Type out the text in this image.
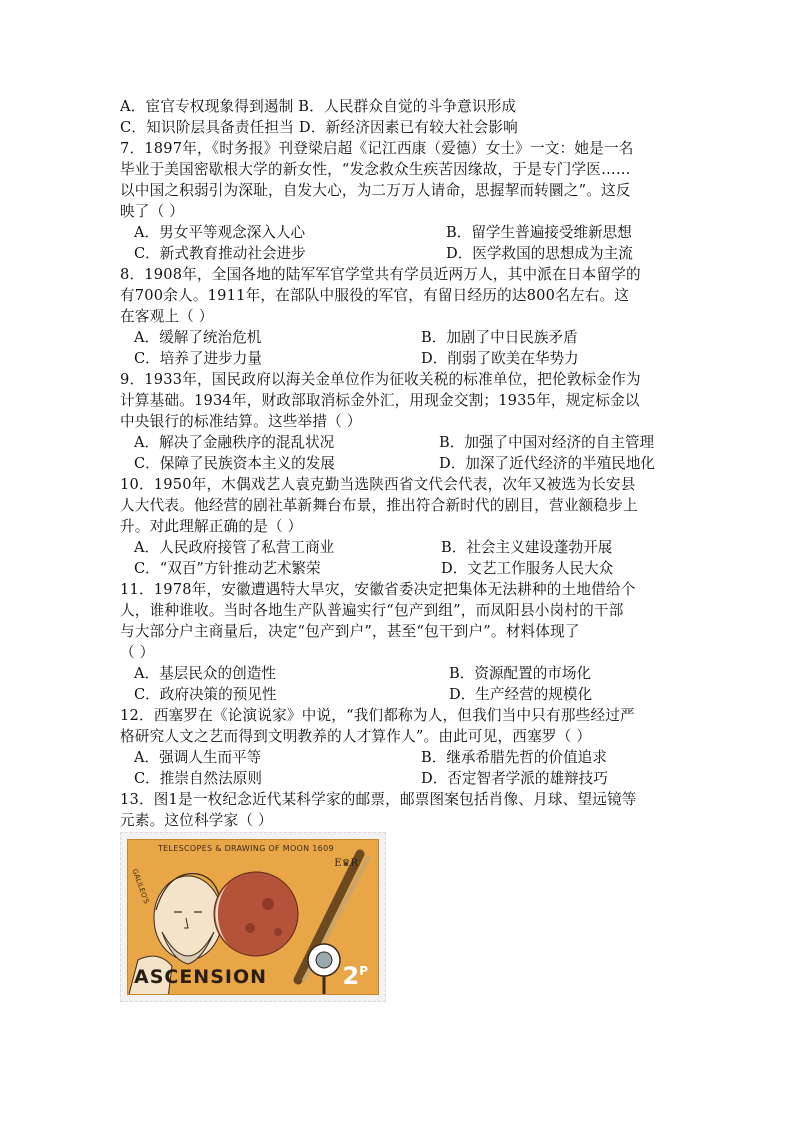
A．宦官专权现象得到遏制 B．人民群众自觉的斗争意识形成
C．知识阶层具备责任担当 D．新经济因素已有较大社会影响
7．1897年，《时务报》刊登梁启超《记江西康（爱德）女士》一文：她是一名
毕业于美国密歇根大学的新女性，“发念救众生疾苦因缘故，于是专门学医……
以中国之积弱引为深耻，自发大心，为二万万人请命，思握挈而转圜之”。这反
映了（ ）
8．1908年，全国各地的陆军军官学堂共有学员近两万人，其中派在日本留学的
有700余人。1911年，在部队中服役的军官，有留日经历的达800名左右。这
在客观上（ ）
9．1933年，国民政府以海关金单位作为征收关税的标准单位，把伦敦标金作为
计算基础。1934年，财政部取消标金外汇，用现金交割；1935年，规定标金以
中央银行的标准结算。这些举措（ ）
10．1950年，木偶戏艺人袁克勤当选陕西省文代会代表，次年又被选为长安县
人大代表。他经营的剧社革新舞台布景，推出符合新时代的剧目，营业额稳步上
升。对此理解正确的是（ ）
11．1978年，安徽遭遇特大旱灾，安徽省委决定把集体无法耕种的土地借给个
人，谁种谁收。当时各地生产队普遍实行“包产到组”，而凤阳县小岗村的干部
与大部分户主商量后，决定“包产到户”，甚至“包干到户”。材料体现了
（ ）
12．西塞罗在《论演说家》中说，“我们都称为人，但我们当中只有那些经过严
格研究人文之艺而得到文明教养的人才算作人”。由此可见，西塞罗（ ）
13．图1是一枚纪念近代某科学家的邮票，邮票图案包括肖像、月球、望远镜等
元素。这位科学家（ ）
A．男女平等观念深入人心	B．留学生普遍接受维新思想
C．新式教育推动社会进步	D．医学救国的思想成为主流
A．缓解了统治危机	B．加剧了中日民族矛盾
C．培养了进步力量	D．削弱了欧美在华势力
A．解决了金融秩序的混乱状况	B．加强了中国对经济的自主管理
C．保障了民族资本主义的发展	D．加深了近代经济的半殖民地化
A．人民政府接管了私营工商业	B．社会主义建设蓬勃开展
C．“双百”方针推动艺术繁荣	D．文艺工作服务人民大众
A．基层民众的创造性	B．资源配置的市场化
C．政府决策的预见性	D．生产经营的规模化
A．强调人生而平等	B．继承希腊先哲的价值追求
C．推崇自然法原则	D．否定智者学派的雄辩技巧
TELESCOPES & DRAWING OF MOON 1609
GALILEO'S
E♛R
ASCENSION	$2^P$
